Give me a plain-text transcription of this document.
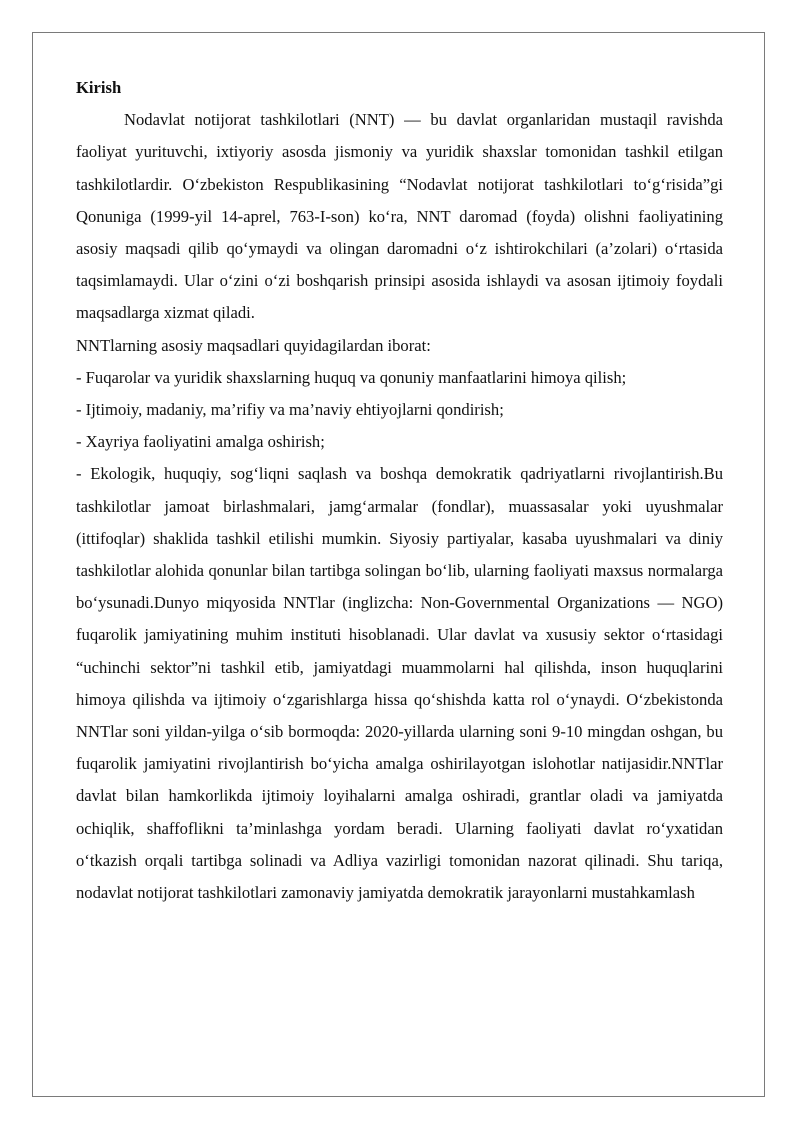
Kirish

Nodavlat notijorat tashkilotlari (NNT) — bu davlat organlaridan mustaqil ravishda faoliyat yurituvchi, ixtiyoriy asosda jismoniy va yuridik shaxslar tomonidan tashkil etilgan tashkilotlardir. O‘zbekiston Respublikasining “Nodavlat notijorat tashkilotlari to‘g‘risida”gi Qonuniga (1999-yil 14-aprel, 763-I-son) ko‘ra, NNT daromad (foyda) olishni faoliyatining asosiy maqsadi qilib qo‘ymaydi va olingan daromadni o‘z ishtirokchilari (a’zolari) o‘rtasida taqsimlamaydi. Ular o‘zini o‘zi boshqarish prinsipi asosida ishlaydi va asosan ijtimoiy foydali maqsadlarga xizmat qiladi.

NNTlarning asosiy maqsadlari quyidagilardan iborat:

- Fuqarolar va yuridik shaxslarning huquq va qonuniy manfaatlarini himoya qilish;

- Ijtimoiy, madaniy, ma’rifiy va ma’naviy ehtiyojlarni qondirish;

- Xayriya faoliyatini amalga oshirish;

- Ekologik, huquqiy, sog‘liqni saqlash va boshqa demokratik qadriyatlarni rivojlantirish.Bu tashkilotlar jamoat birlashmalari, jamg‘armalar (fondlar), muassasalar yoki uyushmalar (ittifoqlar) shaklida tashkil etilishi mumkin. Siyosiy partiyalar, kasaba uyushmalari va diniy tashkilotlar alohida qonunlar bilan tartibga solingan bo‘lib, ularning faoliyati maxsus normalarga bo‘ysunadi.Dunyo miqyosida NNTlar (inglizcha: Non-Governmental Organizations — NGO) fuqarolik jamiyatining muhim instituti hisoblanadi. Ular davlat va xususiy sektor o‘rtasidagi “uchinchi sektor”ni tashkil etib, jamiyatdagi muammolarni hal qilishda, inson huquqlarini himoya qilishda va ijtimoiy o‘zgarishlarga hissa qo‘shishda katta rol o‘ynaydi. O‘zbekistonda NNTlar soni yildan-yilga o‘sib bormoqda: 2020-yillarda ularning soni 9-10 mingdan oshgan, bu fuqarolik jamiyatini rivojlantirish bo‘yicha amalga oshirilayotgan islohotlar natijasidir.NNTlar davlat bilan hamkorlikda ijtimoiy loyihalarni amalga oshiradi, grantlar oladi va jamiyatda ochiqlik, shaffoflikni ta’minlashga yordam beradi. Ularning faoliyati davlat ro‘yxatidan o‘tkazish orqali tartibga solinadi va Adliya vazirligi tomonidan nazorat qilinadi. Shu tariqa, nodavlat notijorat tashkilotlari zamonaviy jamiyatda demokratik jarayonlarni mustahkamlash
